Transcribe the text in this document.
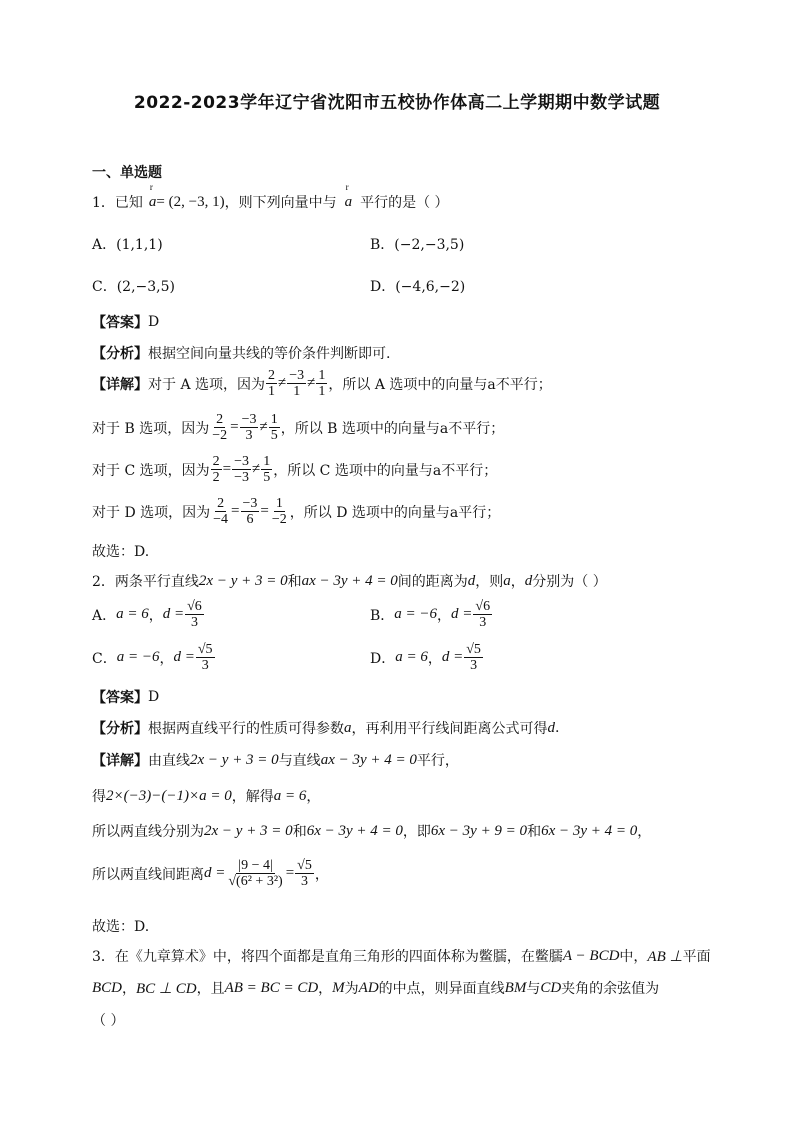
2022-2023学年辽宁省沈阳市五校协作体高二上学期期中数学试题
一、单选题
1．已知
r
a = (2, −3, 1) ，则下列向量中与
r
a 平行的是（ ）
A．(1,1,1)	B．(−2,−3,5)
C．(2,−3,5)	D．(−4,6,−2)
【答案】 D
【分析】 根据空间向量共线的等价条件判断即可.
【详解】 对于 A 选项，因为 $\frac{2}{1} \ne \frac{-3}{1} \ne \frac{1}{1}$ ，所以 A 选项中的向量与a不平行；
对于 B 选项，因为 $\frac{2}{-2} = \frac{-3}{3} \ne \frac{1}{5}$ ，所以 B 选项中的向量与a不平行；
对于 C 选项，因为 $\frac{2}{2} = \frac{-3}{-3} \ne \frac{1}{5}$ ，所以 C 选项中的向量与a不平行；
对于 D 选项，因为 $\frac{2}{-4} = \frac{-3}{6} = \frac{1}{-2}$ ，所以 D 选项中的向量与a平行；
故选：D.
2．两条平行直线 2x − y + 3 = 0 和 ax − 3y + 4 = 0 间的距离为 d ，则 a ， d 分别为（ ）
A． a = 6 ， $d = \frac{√6}{3}$	B． a = −6 ， $d = \frac{√6}{3}$
C． a = −6 ， $d = \frac{√5}{3}$	D． a = 6 ， $d = \frac{√5}{3}$
【答案】 D
【分析】 根据两直线平行的性质可得参数 a ，再利用平行线间距离公式可得 d .
【详解】 由直线 2x − y + 3 = 0 与直线 ax − 3y + 4 = 0 平行，
得 2×(−3)−(−1)×a = 0 ，解得 a = 6 ，
所以两直线分别为 2x − y + 3 = 0 和 6x − 3y + 4 = 0 ，即 6x − 3y + 9 = 0 和 6x − 3y + 4 = 0 ，
所以两直线间距离 $d = \frac{|9 - 4|}{\text{√(6² + 3²)}} = \frac{√5}{3}$ ，
故选：D.
3．在《九章算术》中，将四个面都是直角三角形的四面体称为鳖臑，在鳖臑 A − BCD 中， AB ⊥ 平面
BCD ， BC ⊥ CD ，且 AB = BC = CD ， M 为 AD 的中点，则异面直线 BM 与 CD 夹角的余弦值为
（ ）
